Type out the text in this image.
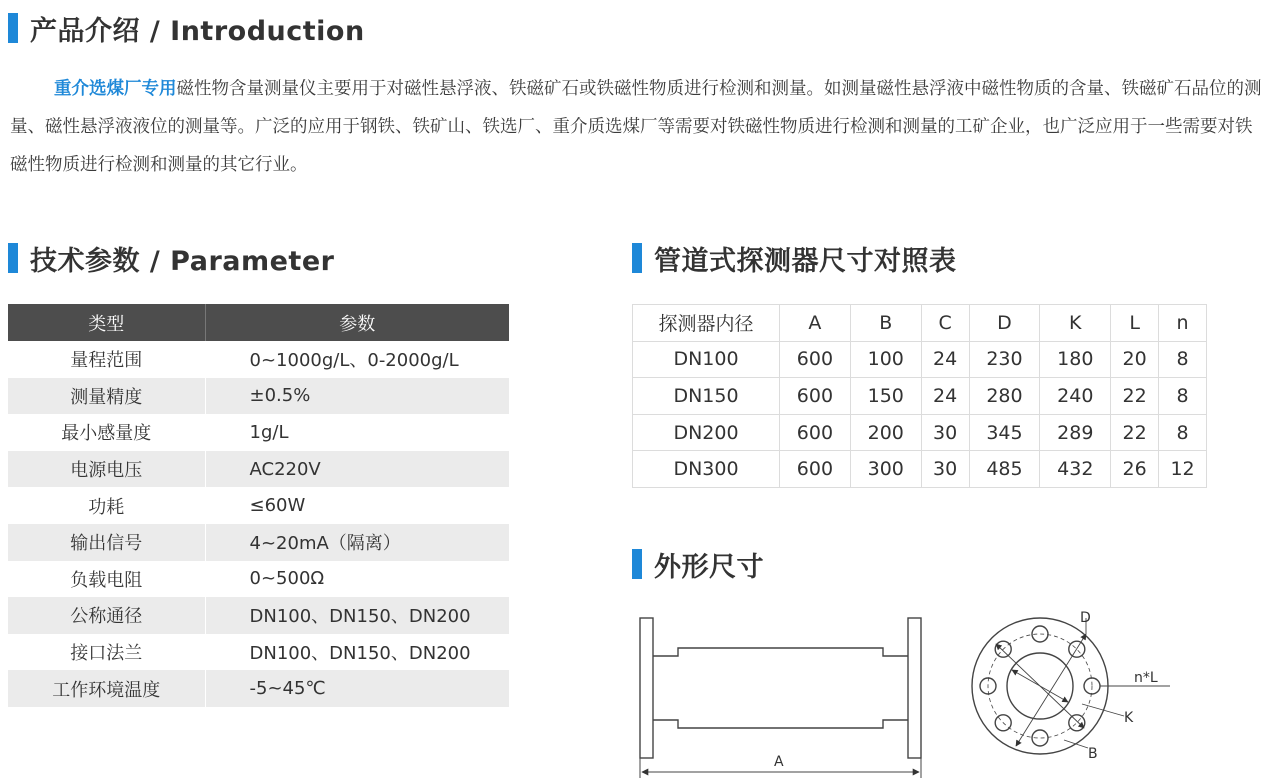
产品介绍 / Introduction

重介选煤厂专用磁性物含量测量仪主要用于对磁性悬浮液、铁磁矿石或铁磁性物质进行检测和测量。如测量磁性悬浮液中磁性物质的含量、铁磁矿石品位的测量、磁性悬浮液液位的测量等。广泛的应用于钢铁、铁矿山、铁选厂、重介质选煤厂等需要对铁磁性物质进行检测和测量的工矿企业，也广泛应用于一些需要对铁磁性物质进行检测和测量的其它行业。

技术参数 / Parameter
类型	参数
量程范围	0~1000g/L、0-2000g/L
测量精度	±0.5%
最小感量度	1g/L
电源电压	AC220V
功耗	≤60W
输出信号	4~20mA（隔离）
负载电阻	0~500Ω
公称通径	DN100、DN150、DN200
接口法兰	DN100、DN150、DN200
工作环境温度	-5~45℃
管道式探测器尺寸对照表
探测器内径	A	B	C	D	K	L	n
DN100	600	100	24	230	180	20	8
DN150	600	150	24	280	240	22	8
DN200	600	200	30	345	289	22	8
DN300	600	300	30	485	432	26	12
外形尺寸
A
D
n*L
K
B
